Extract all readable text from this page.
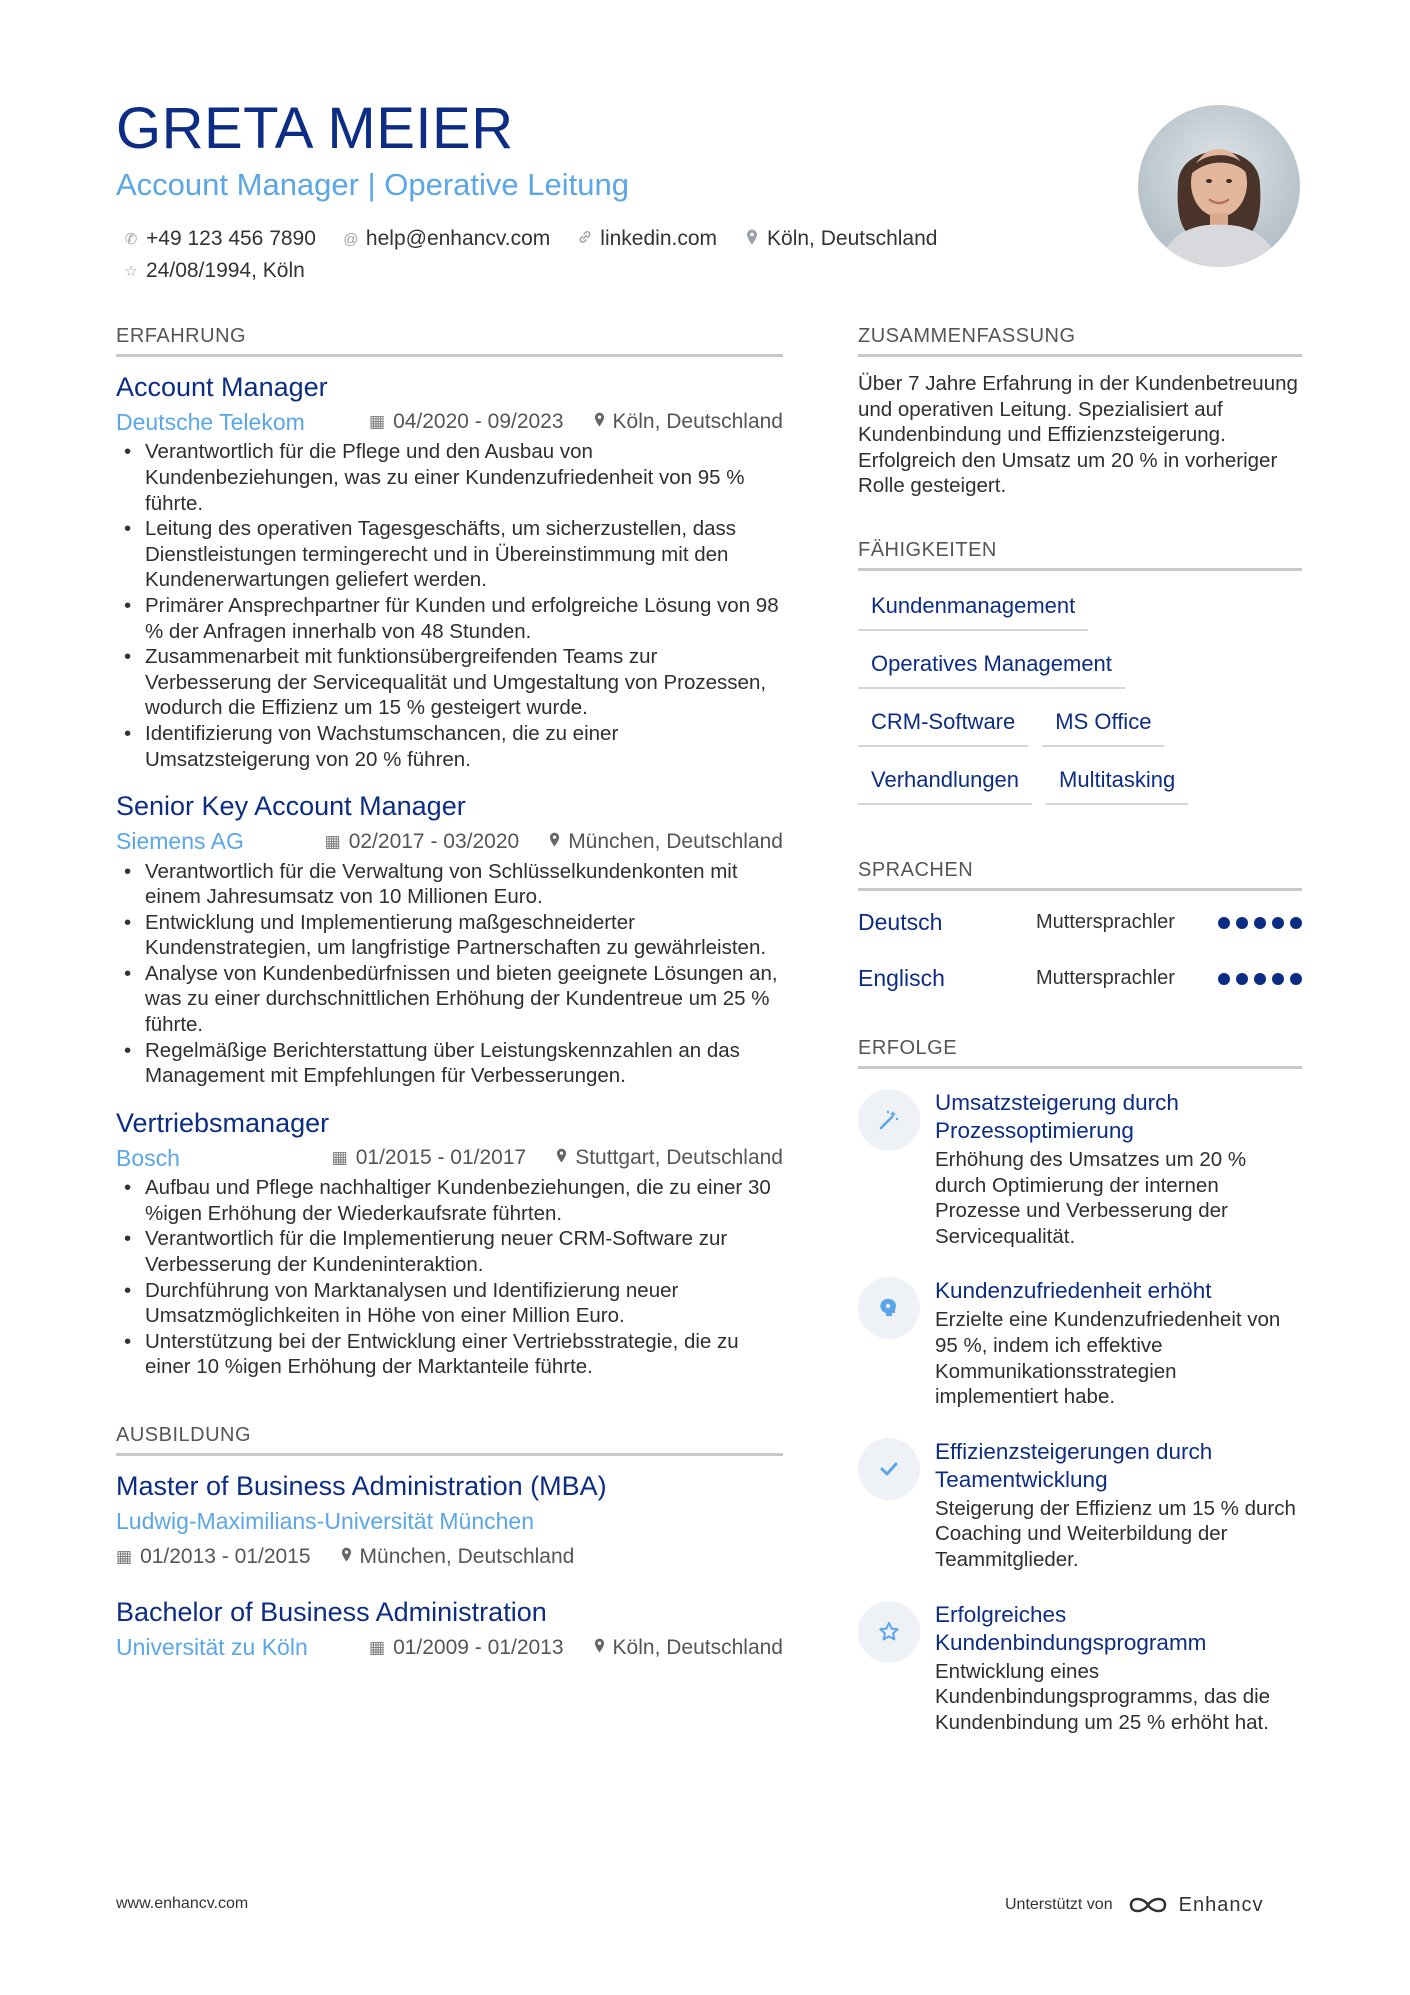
GRETA MEIER
Account Manager | Operative Leitung
✆ +49 123 456 7890 @ help@enhancv.com linkedin.com Köln, Deutschland
☆ 24/08/1994, Köln
ERFAHRUNG
Account Manager
Deutsche Telekom	▦ 04/2020 - 09/2023 Köln, Deutschland
• Verantwortlich für die Pflege und den Ausbau von Kundenbeziehungen, was zu einer Kundenzufriedenheit von 95 % führte.
• Leitung des operativen Tagesgeschäfts, um sicherzustellen, dass Dienstleistungen termingerecht und in Übereinstimmung mit den Kundenerwartungen geliefert werden.
• Primärer Ansprechpartner für Kunden und erfolgreiche Lösung von 98 % der Anfragen innerhalb von 48 Stunden.
• Zusammenarbeit mit funktionsübergreifenden Teams zur Verbesserung der Servicequalität und Umgestaltung von Prozessen, wodurch die Effizienz um 15 % gesteigert wurde.
• Identifizierung von Wachstumschancen, die zu einer Umsatzsteigerung von 20 % führen.
Senior Key Account Manager
Siemens AG	▦ 02/2017 - 03/2020 München, Deutschland
• Verantwortlich für die Verwaltung von Schlüsselkundenkonten mit einem Jahresumsatz von 10 Millionen Euro.
• Entwicklung und Implementierung maßgeschneiderter Kundenstrategien, um langfristige Partnerschaften zu gewährleisten.
• Analyse von Kundenbedürfnissen und bieten geeignete Lösungen an, was zu einer durchschnittlichen Erhöhung der Kundentreue um 25 % führte.
• Regelmäßige Berichterstattung über Leistungskennzahlen an das Management mit Empfehlungen für Verbesserungen.
Vertriebsmanager
Bosch	▦ 01/2015 - 01/2017 Stuttgart, Deutschland
• Aufbau und Pflege nachhaltiger Kundenbeziehungen, die zu einer 30 %igen Erhöhung der Wiederkaufsrate führten.
• Verantwortlich für die Implementierung neuer CRM-Software zur Verbesserung der Kundeninteraktion.
• Durchführung von Marktanalysen und Identifizierung neuer Umsatzmöglichkeiten in Höhe von einer Million Euro.
• Unterstützung bei der Entwicklung einer Vertriebsstrategie, die zu einer 10 %igen Erhöhung der Marktanteile führte.
AUSBILDUNG
Master of Business Administration (MBA)
Ludwig-Maximilians-Universität München
▦ 01/2013 - 01/2015 München, Deutschland
Bachelor of Business Administration
Universität zu Köln	▦ 01/2009 - 01/2013 Köln, Deutschland
ZUSAMMENFASSUNG
Über 7 Jahre Erfahrung in der Kundenbetreuung und operativen Leitung. Spezialisiert auf Kundenbindung und Effizienzsteigerung. Erfolgreich den Umsatz um 20 % in vorheriger Rolle gesteigert.
FÄHIGKEITEN
Kundenmanagement
Operatives Management
CRM-Software	MS Office
Verhandlungen	Multitasking
SPRACHEN
Deutsch	Muttersprachler
Englisch	Muttersprachler
ERFOLGE
Umsatzsteigerung durch Prozessoptimierung
Erhöhung des Umsatzes um 20 % durch Optimierung der internen Prozesse und Verbesserung der Servicequalität.
Kundenzufriedenheit erhöht
Erzielte eine Kundenzufriedenheit von 95 %, indem ich effektive Kommunikationsstrategien implementiert habe.
Effizienzsteigerungen durch Teamentwicklung
Steigerung der Effizienz um 15 % durch Coaching und Weiterbildung der Teammitglieder.
Erfolgreiches Kundenbindungsprogramm
Entwicklung eines Kundenbindungsprogramms, das die Kundenbindung um 25 % erhöht hat.
www.enhancv.com	Unterstützt von	Enhancv
